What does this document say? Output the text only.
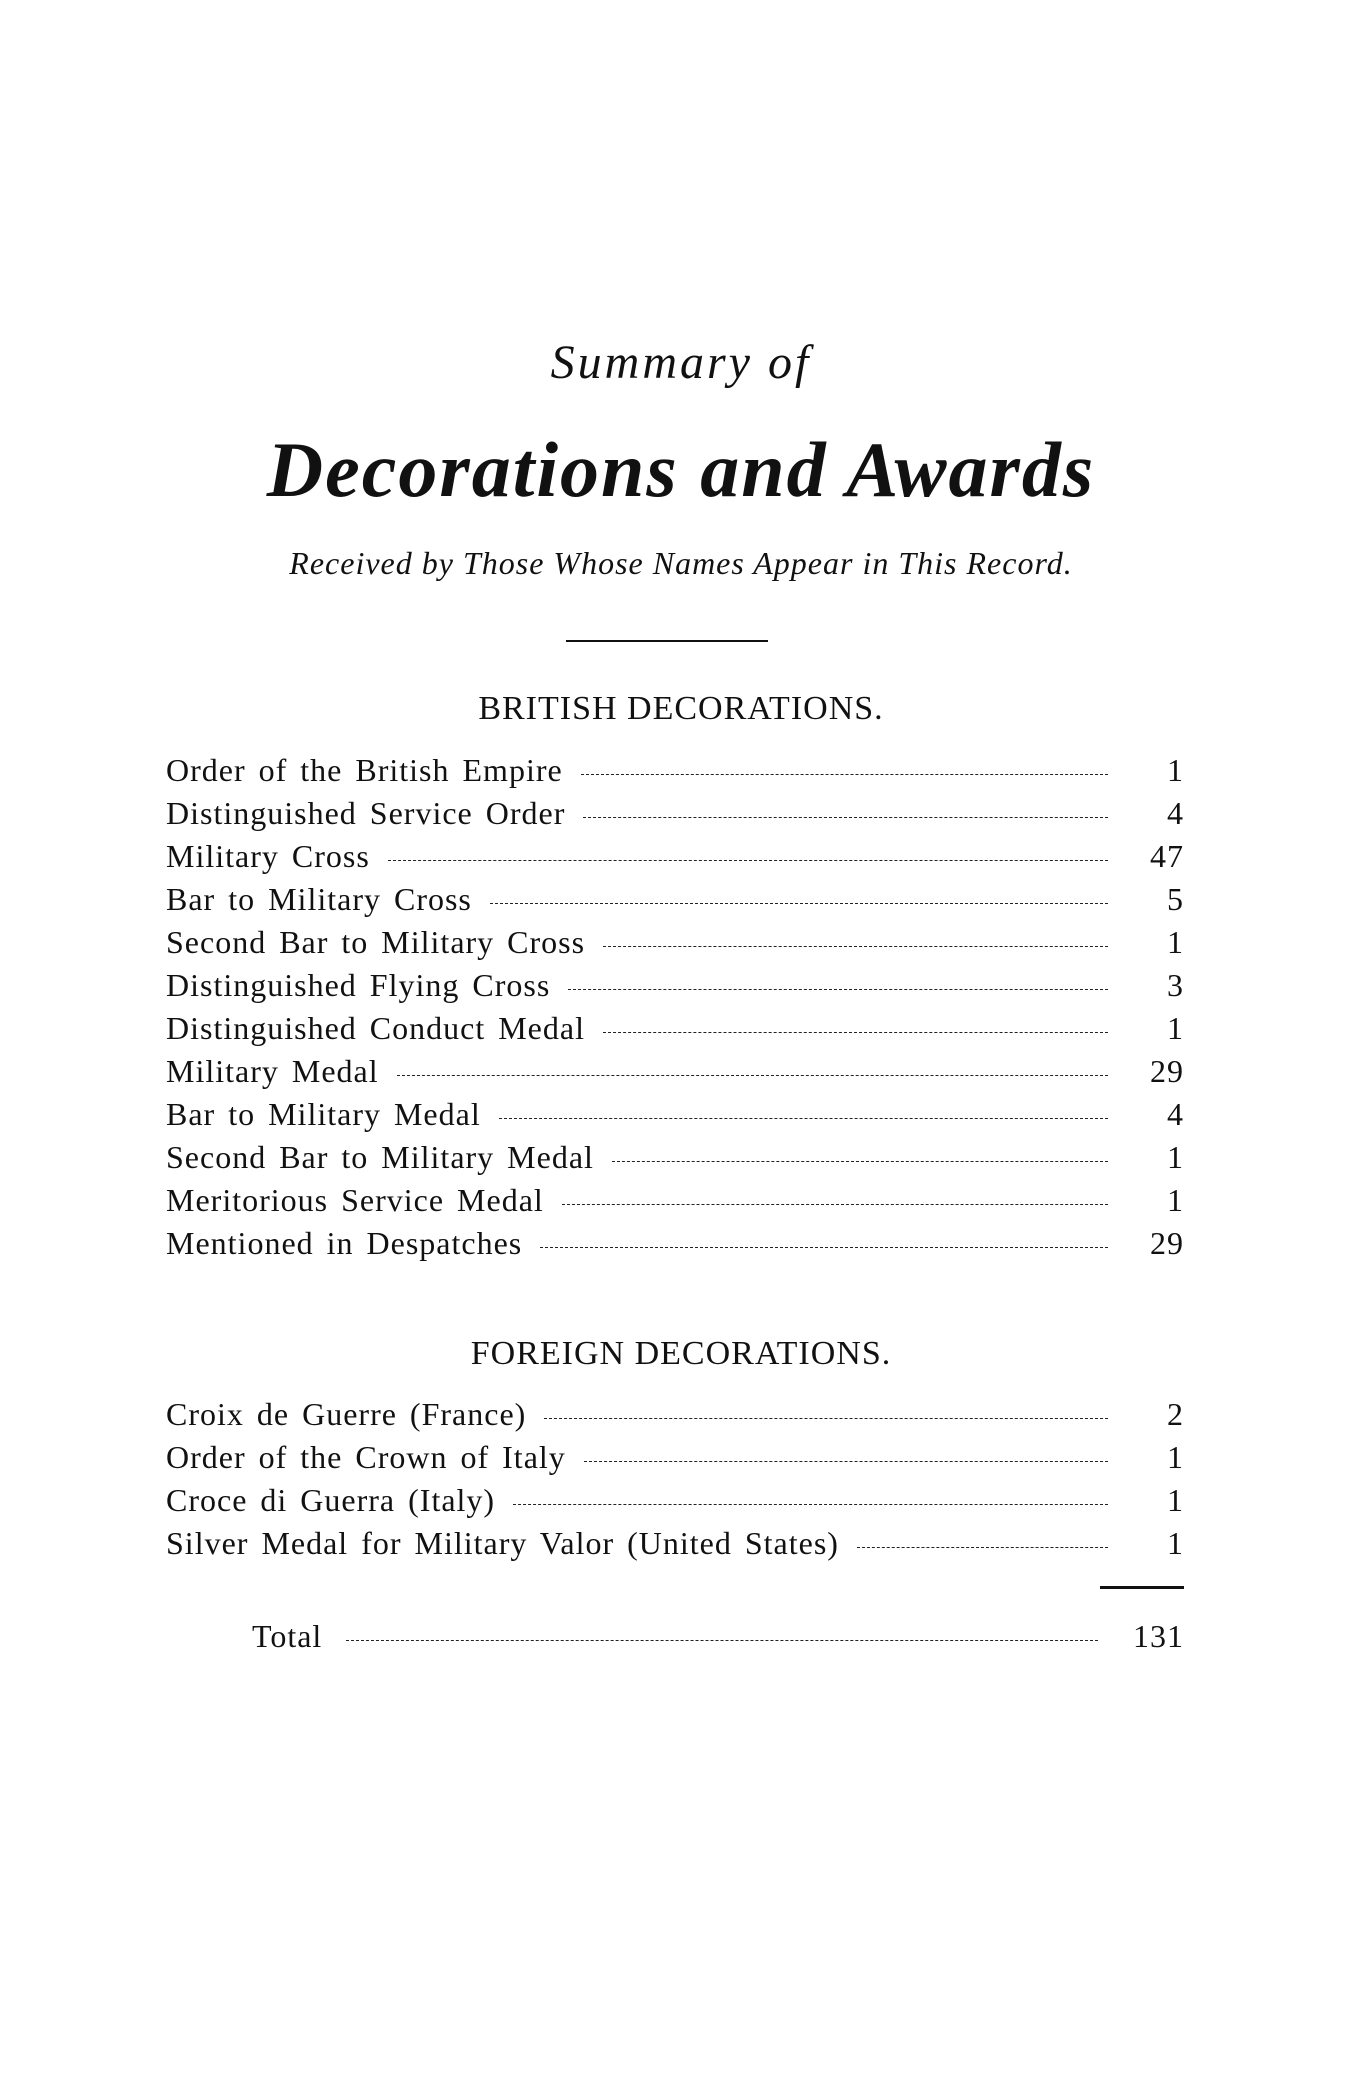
Summary of
Decorations and Awards
Received by Those Whose Names Appear in This Record.
BRITISH DECORATIONS.
Order of the British Empire	1
Distinguished Service Order	4
Military Cross	47
Bar to Military Cross	5
Second Bar to Military Cross	1
Distinguished Flying Cross	3
Distinguished Conduct Medal	1
Military Medal	29
Bar to Military Medal	4
Second Bar to Military Medal	1
Meritorious Service Medal	1
Mentioned in Despatches	29
FOREIGN DECORATIONS.
Croix de Guerre (France)	2
Order of the Crown of Italy	1
Croce di Guerra (Italy)	1
Silver Medal for Military Valor (United States)	1
Total	131
